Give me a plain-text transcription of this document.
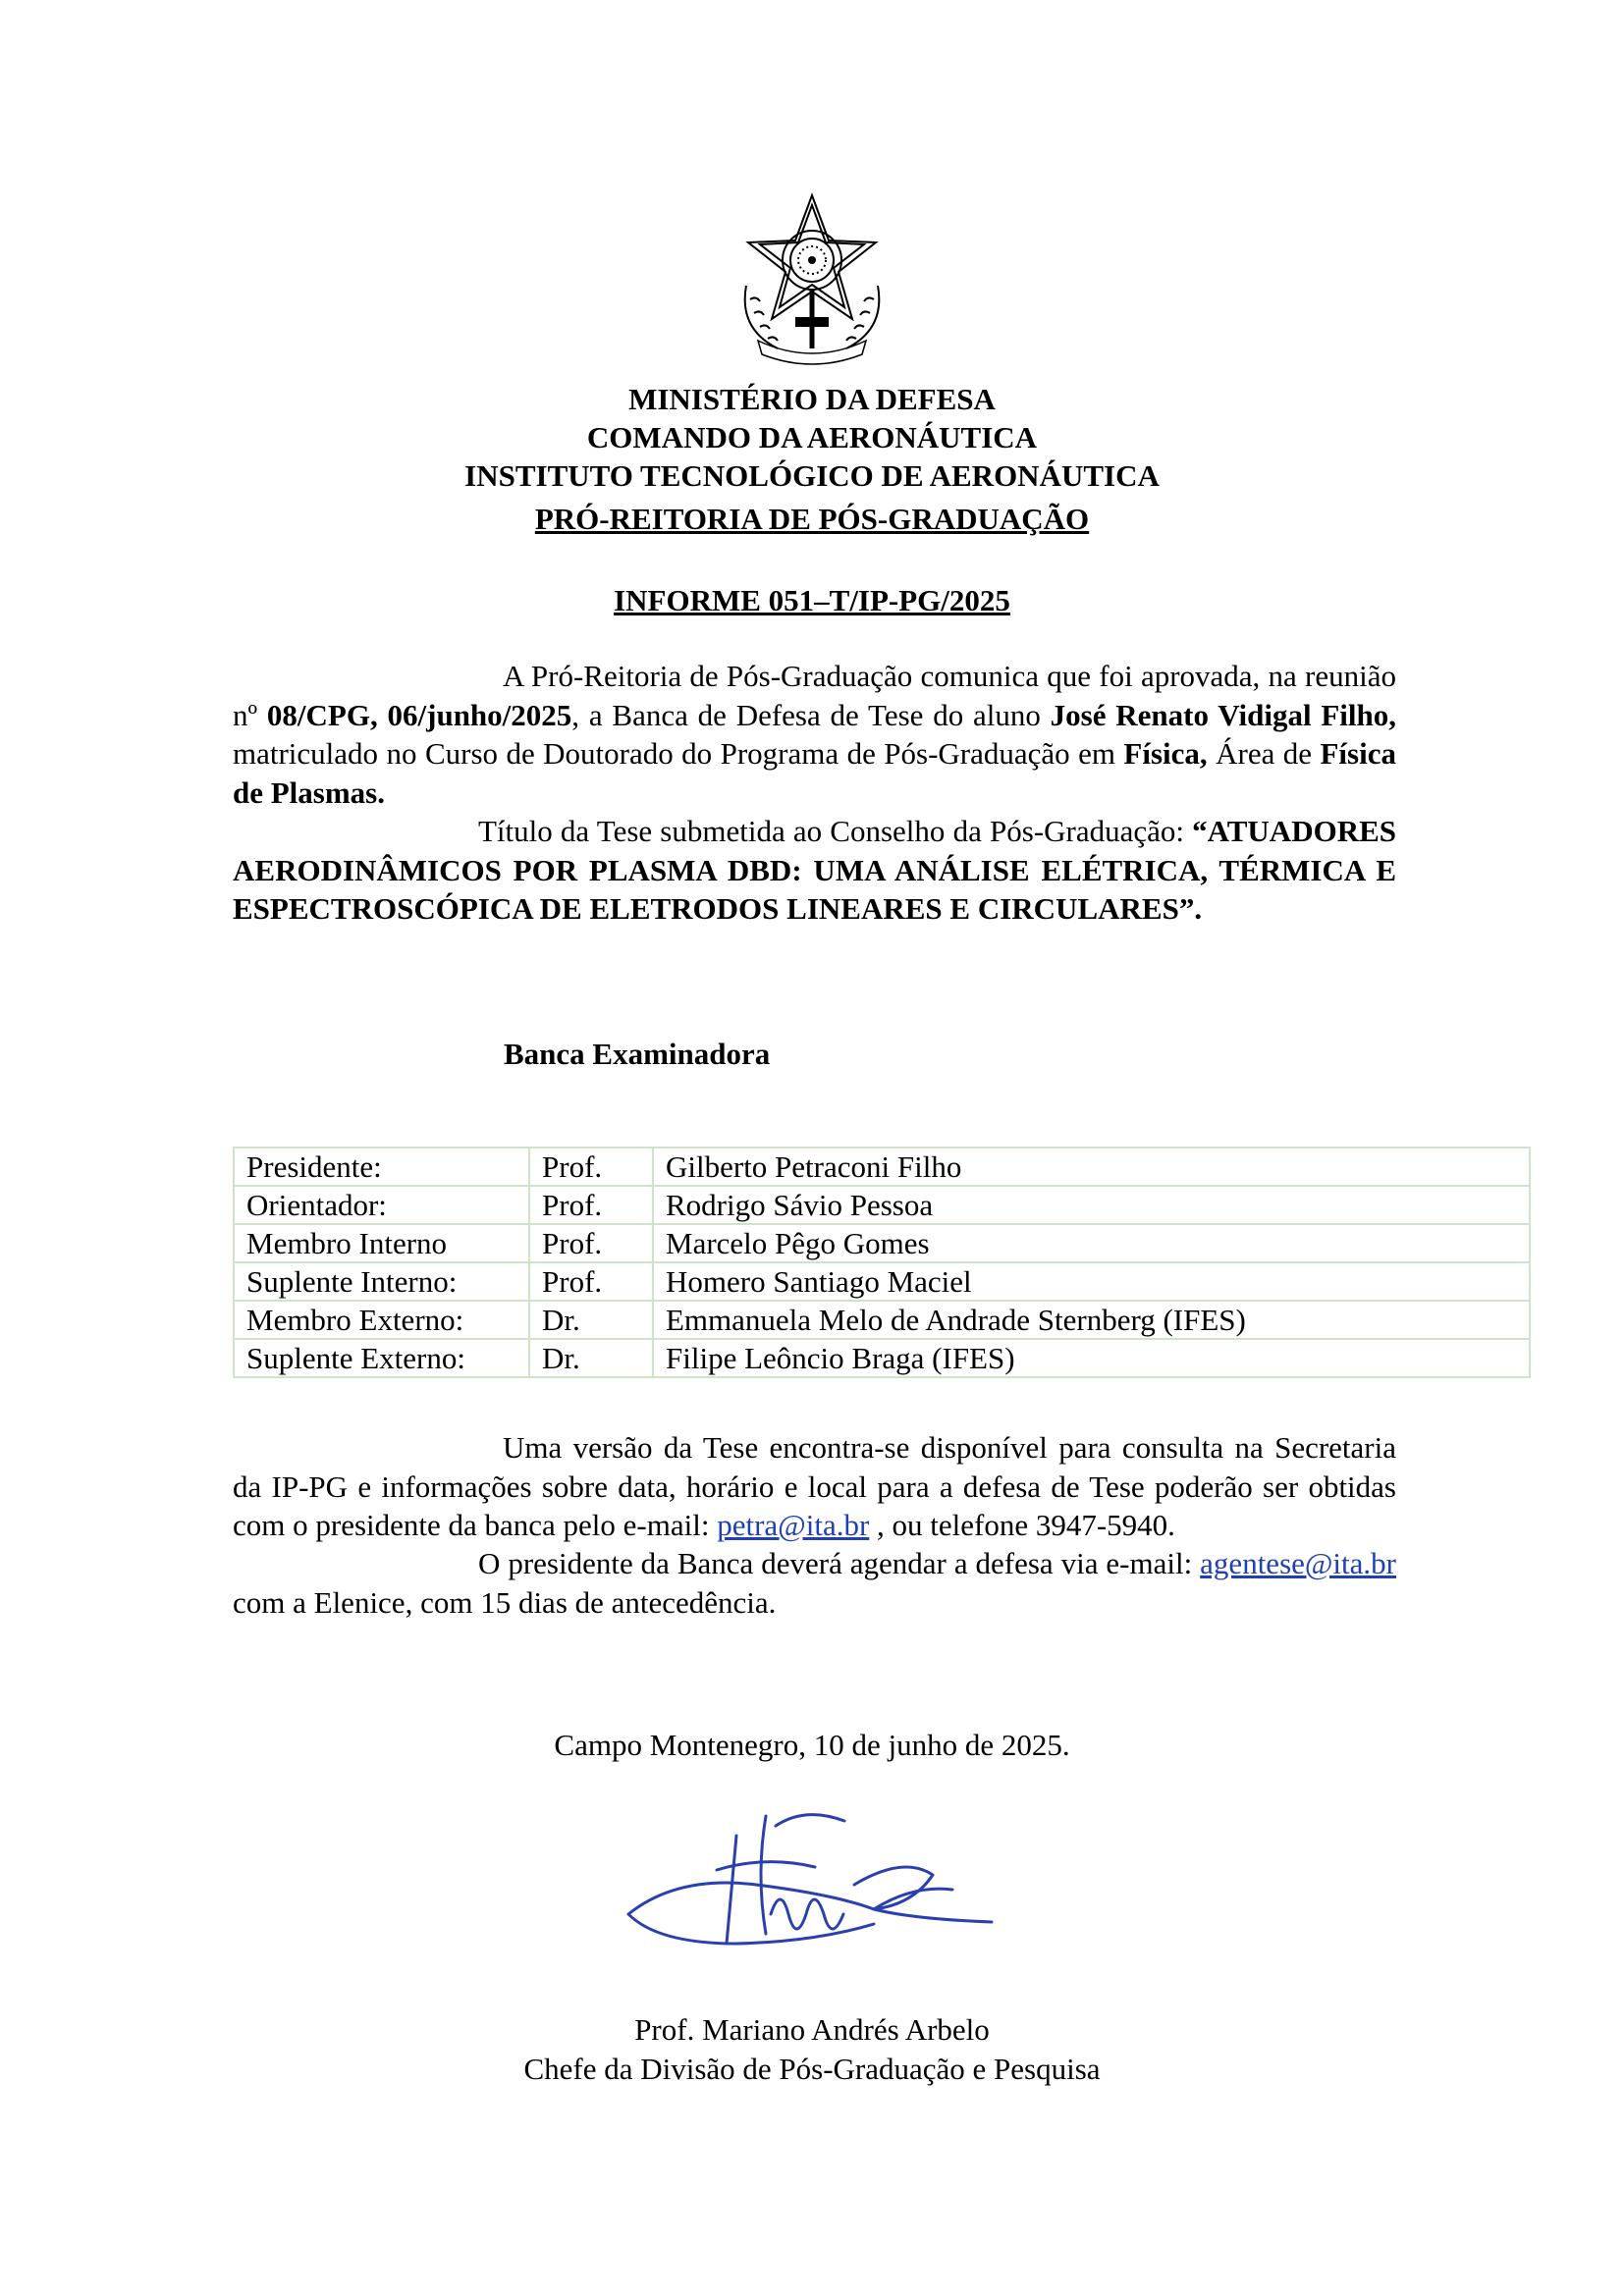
MINISTÉRIO DA DEFESA
COMANDO DA AERONÁUTICA
INSTITUTO TECNOLÓGICO DE AERONÁUTICA
PRÓ-REITORIA DE PÓS-GRADUAÇÃO
INFORME 051–T/IP-PG/2025
A Pró-Reitoria de Pós-Graduação comunica que foi aprovada, na reunião nº 08/CPG, 06/junho/2025, a Banca de Defesa de Tese do aluno José Renato Vidigal Filho, matriculado no Curso de Doutorado do Programa de Pós-Graduação em Física, Área de Física de Plasmas.
Título da Tese submetida ao Conselho da Pós-Graduação: “ATUADORES AERODINÂMICOS POR PLASMA DBD: UMA ANÁLISE ELÉTRICA, TÉRMICA E ESPECTROSCÓPICA DE ELETRODOS LINEARES E CIRCULARES”.
Banca Examinadora
Presidente:	Prof.	Gilberto Petraconi Filho
Orientador:	Prof.	Rodrigo Sávio Pessoa
Membro Interno	Prof.	Marcelo Pêgo Gomes
Suplente Interno:	Prof.	Homero Santiago Maciel
Membro Externo:	Dr.	Emmanuela Melo de Andrade Sternberg (IFES)
Suplente Externo:	Dr.	Filipe Leôncio Braga (IFES)
Uma versão da Tese encontra-se disponível para consulta na Secretaria da IP-PG e informações sobre data, horário e local para a defesa de Tese poderão ser obtidas com o presidente da banca pelo e-mail: petra@ita.br , ou telefone 3947-5940.
O presidente da Banca deverá agendar a defesa via e-mail: agentese@ita.br com a Elenice, com 15 dias de antecedência.
Campo Montenegro, 10 de junho de 2025.
Prof. Mariano Andrés Arbelo
Chefe da Divisão de Pós-Graduação e Pesquisa
